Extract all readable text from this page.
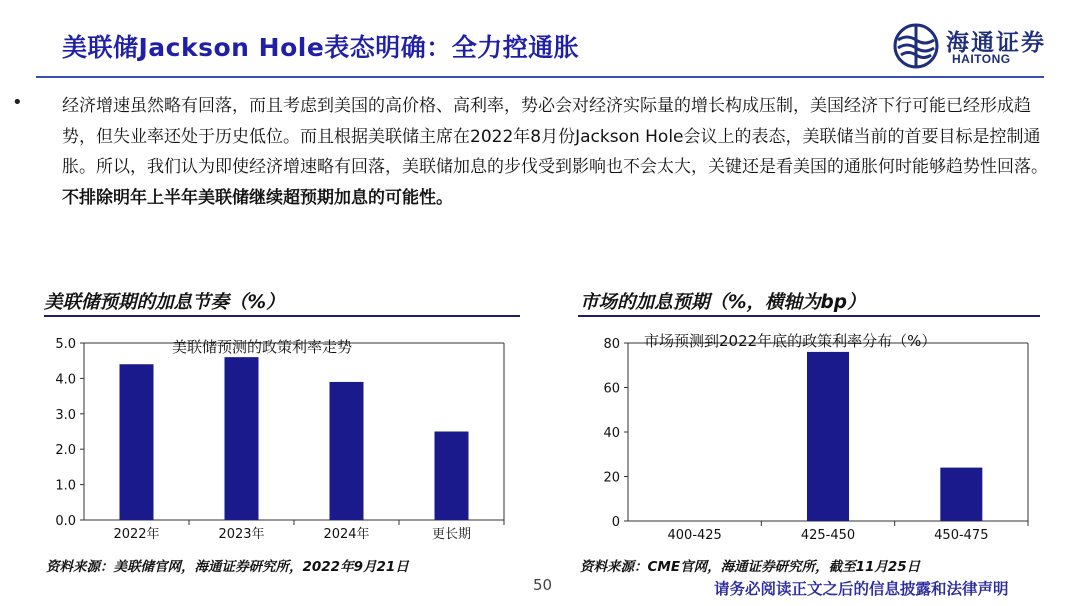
美联储Jackson Hole表态明确：全力控通胀	海通证券
HAITONG
• 经济增速虽然略有回落，而且考虑到美国的高价格、高利率，势必会对经济实际量的增长构成压制，美国经济下行可能已经形成趋势，但失业率还处于历史低位。而且根据美联储主席在2022年8月份Jackson Hole会议上的表态，美联储当前的首要目标是控制通胀。所以，我们认为即使经济增速略有回落，美联储加息的步伐受到影响也不会太大，关键还是看美国的通胀何时能够趋势性回落。不排除明年上半年美联储继续超预期加息的可能性。
美联储预期的加息节奏（%）
0.0
1.0
2.0
3.0
4.0
5.0
2022年	2023年	2024年	更长期
美联储预测的政策利率走势
资料来源：美联储官网，海通证券研究所，2022年9月21日
市场的加息预期（%，横轴为bp）
0
20
40
60
80
400-425	425-450	450-475
市场预测到2022年底的政策利率分布（%）
资料来源：CME官网，海通证券研究所，截至11月25日
50	请务必阅读正文之后的信息披露和法律声明
